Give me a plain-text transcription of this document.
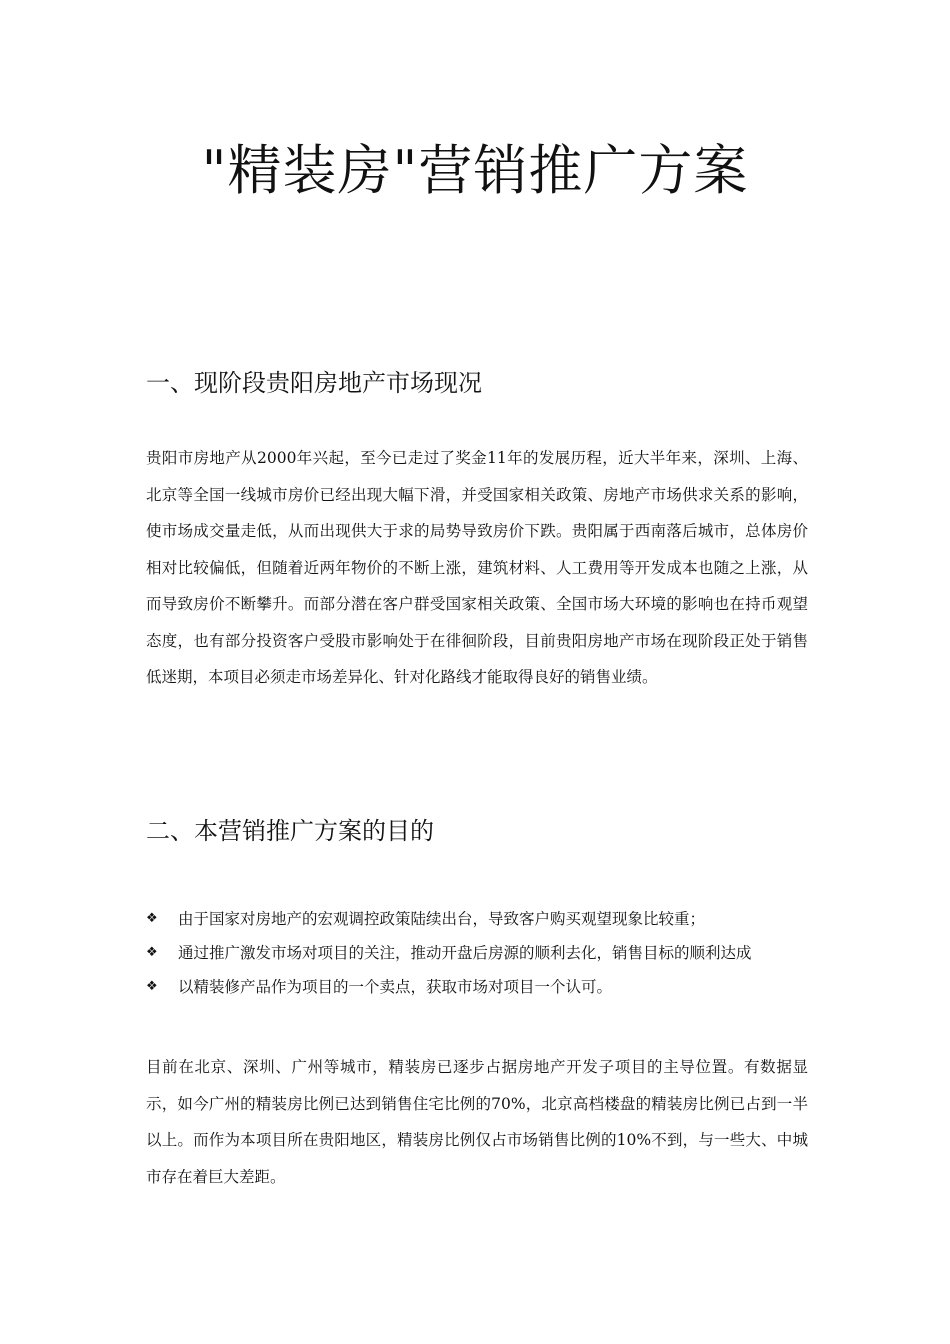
"精装房"营销推广方案
一、现阶段贵阳房地产市场现况

贵阳市房地产从2000年兴起，至今已走过了奖金11年的发展历程，近大半年来，深圳、上海、北京等全国一线城市房价已经出现大幅下滑，并受国家相关政策、房地产市场供求关系的影响，使市场成交量走低，从而出现供大于求的局势导致房价下跌。贵阳属于西南落后城市，总体房价相对比较偏低，但随着近两年物价的不断上涨，建筑材料、人工费用等开发成本也随之上涨，从而导致房价不断攀升。而部分潜在客户群受国家相关政策、全国市场大环境的影响也在持币观望态度，也有部分投资客户受股市影响处于在徘徊阶段，目前贵阳房地产市场在现阶段正处于销售低迷期，本项目必须走市场差异化、针对化路线才能取得良好的销售业绩。

二、本营销推广方案的目的
❖	由于国家对房地产的宏观调控政策陆续出台，导致客户购买观望现象比较重；
❖	通过推广激发市场对项目的关注，推动开盘后房源的顺利去化，销售目标的顺利达成
❖	以精装修产品作为项目的一个卖点，获取市场对项目一个认可。

目前在北京、深圳、广州等城市，精装房已逐步占据房地产开发子项目的主导位置。有数据显示，如今广州的精装房比例已达到销售住宅比例的70%，北京高档楼盘的精装房比例已占到一半以上。而作为本项目所在贵阳地区，精装房比例仅占市场销售比例的10%不到，与一些大、中城市存在着巨大差距。
